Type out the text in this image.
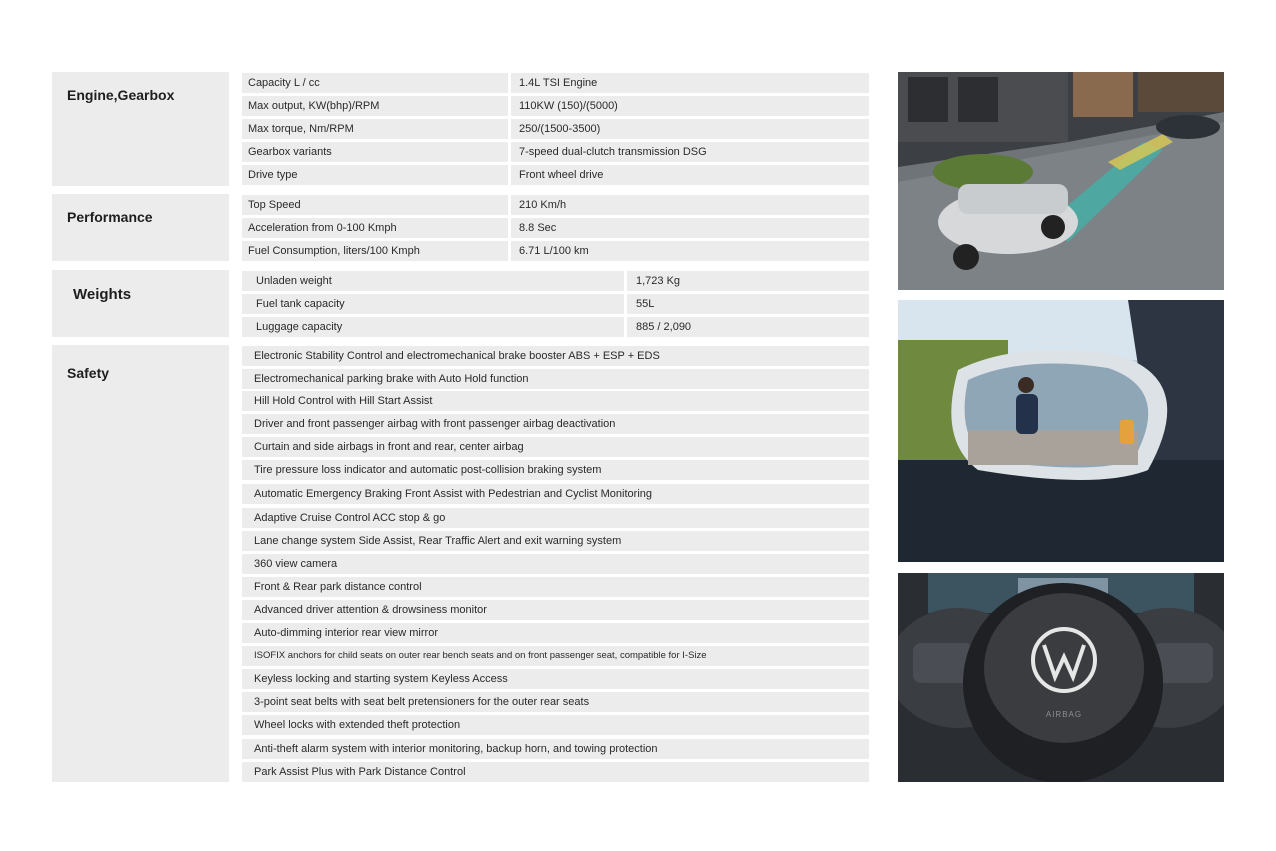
Engine,Gearbox
Performance
Weights
Safety
Capacity L / cc	1.4L TSI Engine
Max output, KW(bhp)/RPM	110KW (150)/(5000)
Max torque, Nm/RPM	250/(1500-3500)
Gearbox variants	7-speed dual-clutch transmission DSG
Drive type	Front wheel drive
Top Speed	210 Km/h
Acceleration from 0-100 Kmph	8.8 Sec
Fuel Consumption, liters/100 Kmph	6.71 L/100 km
Unladen weight	1,723 Kg
Fuel tank capacity	55L
Luggage capacity	885 / 2,090
Electronic Stability Control and electromechanical brake booster ABS + ESP + EDS
Electromechanical parking brake with Auto Hold function
Hill Hold Control with Hill Start Assist
Driver and front passenger airbag with front passenger airbag deactivation
Curtain and side airbags in front and rear, center airbag
Tire pressure loss indicator and automatic post-collision braking system
Automatic Emergency Braking Front Assist with Pedestrian and Cyclist Monitoring
Adaptive Cruise Control ACC stop & go
Lane change system Side Assist, Rear Traffic Alert and exit warning system
360 view camera
Front & Rear park distance control
Advanced driver attention & drowsiness monitor
Auto-dimming interior rear view mirror
ISOFIX anchors for child seats on outer rear bench seats and on front passenger seat, compatible for I-Size
Keyless locking and starting system Keyless Access
3-point seat belts with seat belt pretensioners for the outer rear seats
Wheel locks with extended theft protection
Anti-theft alarm system with interior monitoring, backup horn, and towing protection
Park Assist Plus with Park Distance Control
AIRBAG
